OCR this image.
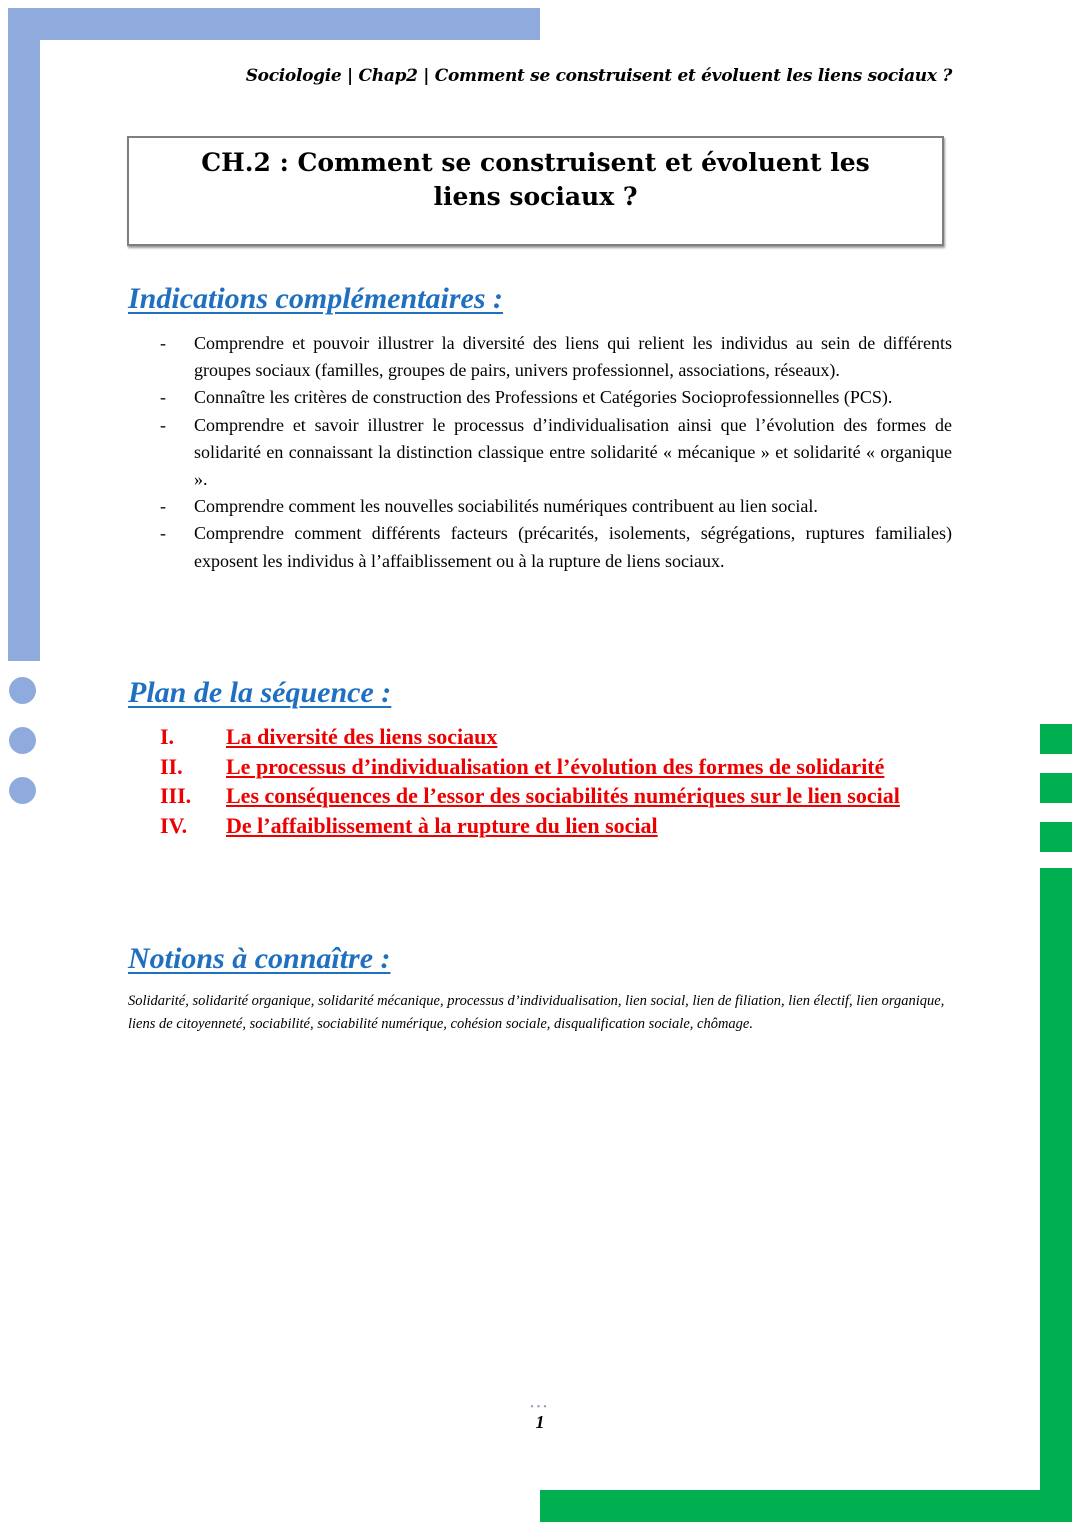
Sociologie | Chap2 | Comment se construisent et évoluent les liens sociaux ?
CH.2 : Comment se construisent et évoluent les liens sociaux ?
Indications complémentaires :
- Comprendre et pouvoir illustrer la diversité des liens qui relient les individus au sein de différents groupes sociaux (familles, groupes de pairs, univers professionnel, associations, réseaux).
- Connaître les critères de construction des Professions et Catégories Socioprofessionnelles (PCS).
- Comprendre et savoir illustrer le processus d’individualisation ainsi que l’évolution des formes de solidarité en connaissant la distinction classique entre solidarité « mécanique » et solidarité « organique ».
- Comprendre comment les nouvelles sociabilités numériques contribuent au lien social.
- Comprendre comment différents facteurs (précarités, isolements, ségrégations, ruptures familiales) exposent les individus à l’affaiblissement ou à la rupture de liens sociaux.
Plan de la séquence :
I. La diversité des liens sociaux
II. Le processus d’individualisation et l’évolution des formes de solidarité
III. Les conséquences de l’essor des sociabilités numériques sur le lien social
IV. De l’affaiblissement à la rupture du lien social
Notions à connaître :
Solidarité, solidarité organique, solidarité mécanique, processus d’individualisation, lien social, lien de filiation, lien électif, lien organique, liens de citoyenneté, sociabilité, sociabilité numérique, cohésion sociale, disqualification sociale, chômage.
•••
1
